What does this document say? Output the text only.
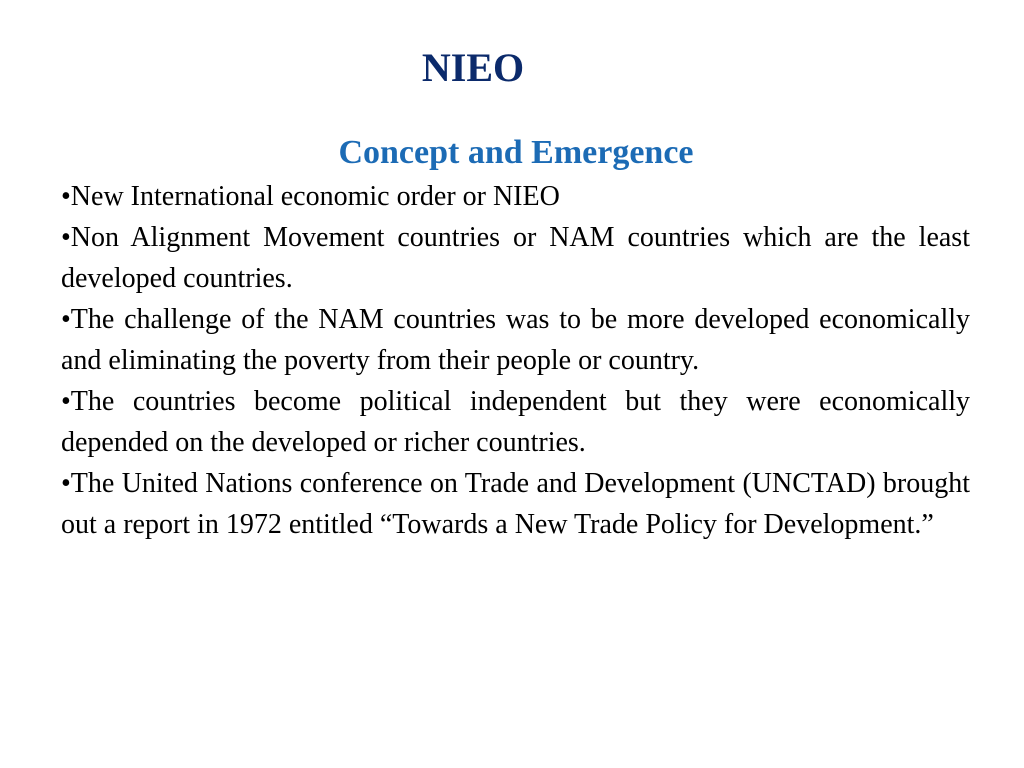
NIEO
Concept and Emergence

•New International economic order or NIEO

•Non Alignment Movement countries or NAM countries which are the least developed countries.

•The challenge of the NAM countries was to be more developed economically and eliminating the poverty from their people or country.

•The countries become political independent but they were economically depended on the developed or richer countries.

•The United Nations conference on Trade and Development (UNCTAD) brought out a report in 1972 entitled “Towards a New Trade Policy for Development.”
